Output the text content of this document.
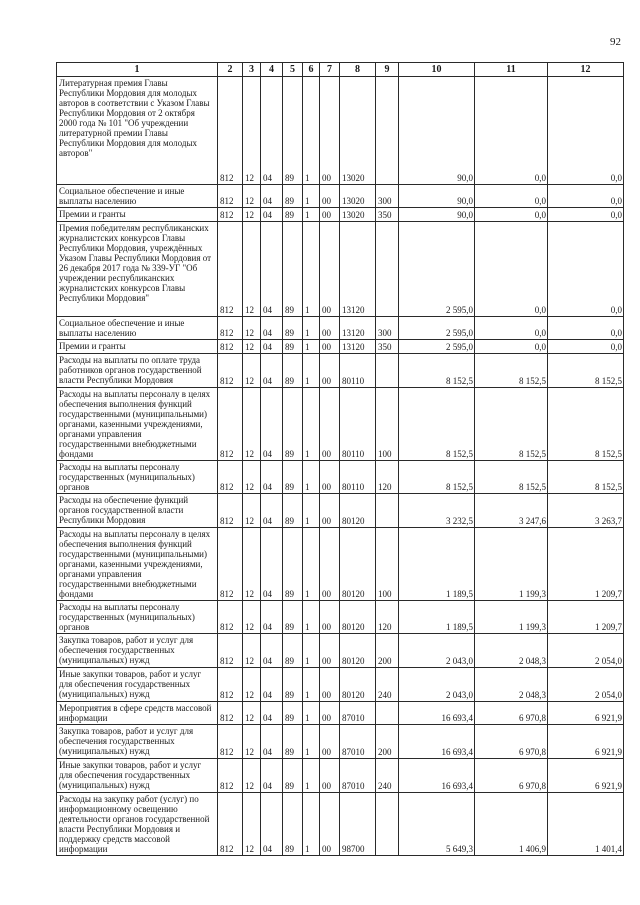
92
1	2	3	4	5	6	7	8	9	10	11	12
Литературная премия Главы Республики Мордовия для молодых авторов в соответствии с Указом Главы Республики Мордовия от 2 октября 2000 года № 101 "Об учреждении литературной премии Главы Республики Мордовия для молодых авторов"	812	12	04	89	1	00	13020		90,0	0,0	0,0
Социальное обеспечение и иные выплаты населению	812	12	04	89	1	00	13020	300	90,0	0,0	0,0
Премии и гранты	812	12	04	89	1	00	13020	350	90,0	0,0	0,0
Премия победителям республиканских журналистских конкурсов Главы Республики Мордовия, учреждённых Указом Главы Республики Мордовия от 26 декабря 2017 года № 339-УГ "Об учреждении республиканских журналистских конкурсов Главы Республики Мордовия"	812	12	04	89	1	00	13120		2 595,0	0,0	0,0
Социальное обеспечение и иные выплаты населению	812	12	04	89	1	00	13120	300	2 595,0	0,0	0,0
Премии и гранты	812	12	04	89	1	00	13120	350	2 595,0	0,0	0,0
Расходы на выплаты по оплате труда работников органов государственной власти Республики Мордовия	812	12	04	89	1	00	80110		8 152,5	8 152,5	8 152,5
Расходы на выплаты персоналу в целях обеспечения выполнения функций государственными (муниципальными) органами, казенными учреждениями, органами управления государственными внебюджетными фондами	812	12	04	89	1	00	80110	100	8 152,5	8 152,5	8 152,5
Расходы на выплаты персоналу государственных (муниципальных) органов	812	12	04	89	1	00	80110	120	8 152,5	8 152,5	8 152,5
Расходы на обеспечение функций органов государственной власти Республики Мордовия	812	12	04	89	1	00	80120		3 232,5	3 247,6	3 263,7
Расходы на выплаты персоналу в целях обеспечения выполнения функций государственными (муниципальными) органами, казенными учреждениями, органами управления государственными внебюджетными фондами	812	12	04	89	1	00	80120	100	1 189,5	1 199,3	1 209,7
Расходы на выплаты персоналу государственных (муниципальных) органов	812	12	04	89	1	00	80120	120	1 189,5	1 199,3	1 209,7
Закупка товаров, работ и услуг для обеспечения государственных (муниципальных) нужд	812	12	04	89	1	00	80120	200	2 043,0	2 048,3	2 054,0
Иные закупки товаров, работ и услуг для обеспечения государственных (муниципальных) нужд	812	12	04	89	1	00	80120	240	2 043,0	2 048,3	2 054,0
Мероприятия в сфере средств массовой информации	812	12	04	89	1	00	87010		16 693,4	6 970,8	6 921,9
Закупка товаров, работ и услуг для обеспечения государственных (муниципальных) нужд	812	12	04	89	1	00	87010	200	16 693,4	6 970,8	6 921,9
Иные закупки товаров, работ и услуг для обеспечения государственных (муниципальных) нужд	812	12	04	89	1	00	87010	240	16 693,4	6 970,8	6 921,9
Расходы на закупку работ (услуг) по информационному освещению деятельности органов государственной власти Республики Мордовия и поддержку средств массовой информации	812	12	04	89	1	00	98700		5 649,3	1 406,9	1 401,4
